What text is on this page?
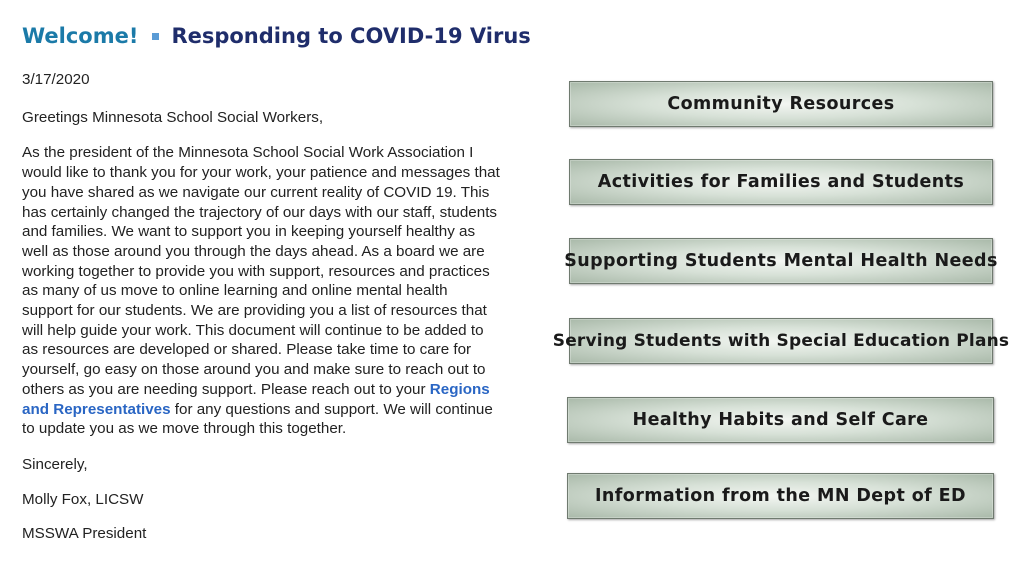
Welcome! Responding to COVID-19 Virus

3/17/2020

Greetings Minnesota School Social Workers,

As the president of the Minnesota School Social Work Association I would like to thank you for your work, your patience and messages that you have shared as we navigate our current reality of COVID 19. This has certainly changed the trajectory of our days with our staff, students and families. We want to support you in keeping yourself healthy as well as those around you through the days ahead. As a board we are working together to provide you with support, resources and practices as many of us move to online learning and online mental health support for our students. We are providing you a list of resources that will help guide your work. This document will continue to be added to as resources are developed or shared. Please take time to care for yourself, go easy on those around you and make sure to reach out to others as you are needing support. Please reach out to your Regions and Representatives for any questions and support. We will continue to update you as we move through this together.

Sincerely,

Molly Fox, LICSW

MSSWA President

Community Resources
Activities for Families and Students
Supporting Students Mental Health Needs
Serving Students with Special Education Plans
Healthy Habits and Self Care
Information from the MN Dept of ED
